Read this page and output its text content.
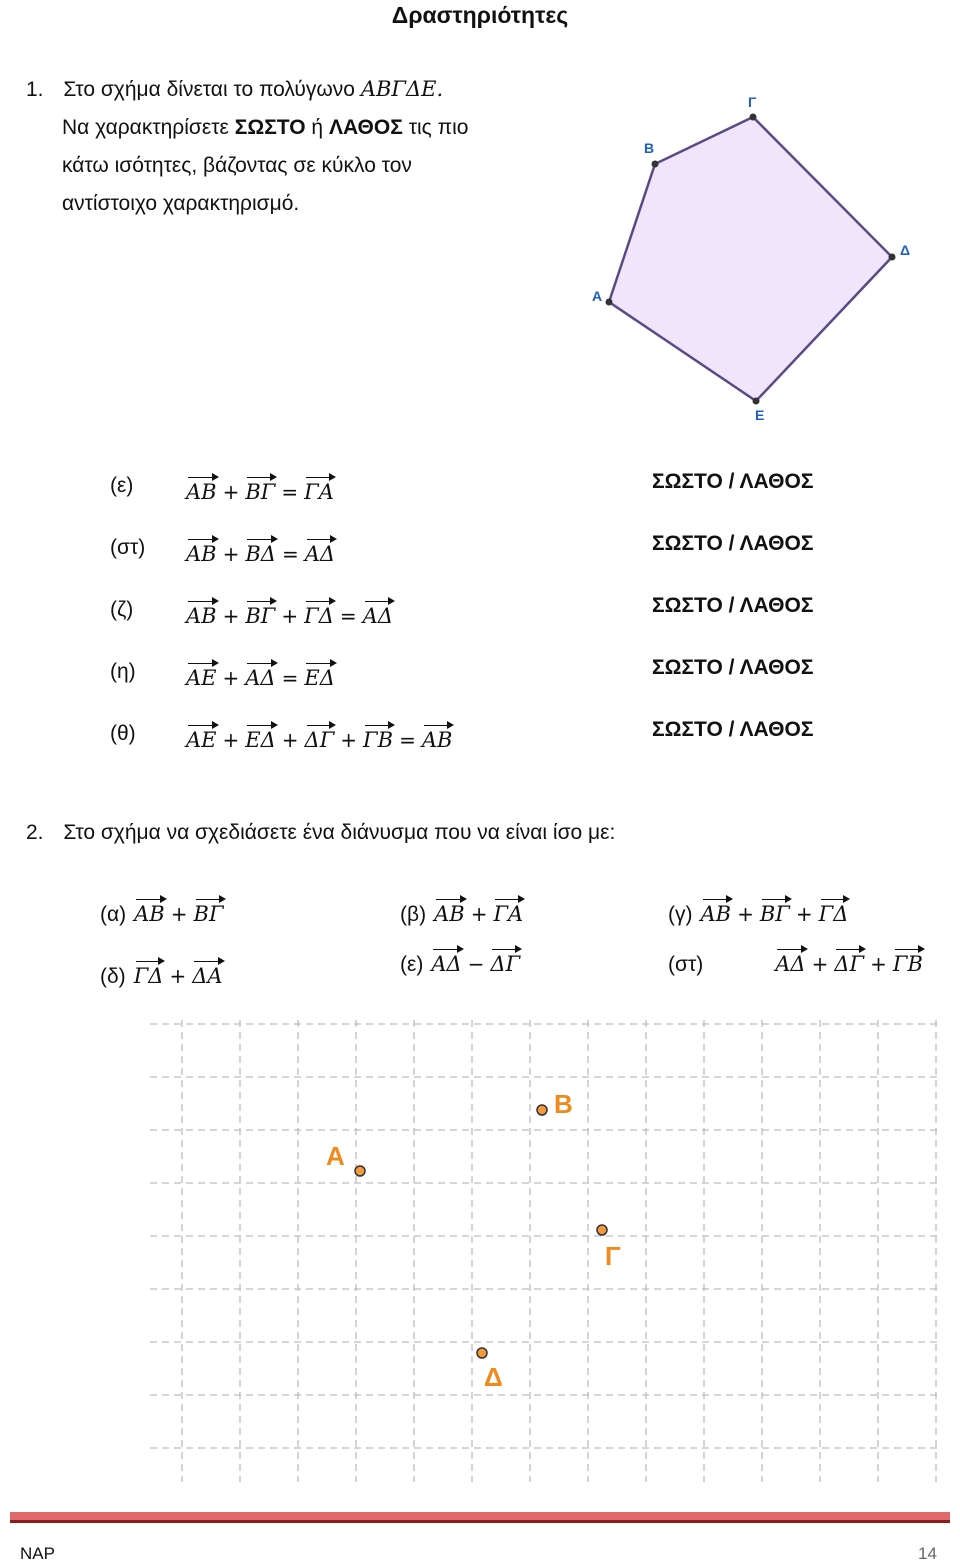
Δραστηριότητες
1. Στο σχήμα δίνεται το πολύγωνο ΑΒΓΔΕ.
Να χαρακτηρίσετε ΣΩΣΤΟ ή ΛΑΘΟΣ τις πιο
κάτω ισότητες, βάζοντας σε κύκλο τον
αντίστοιχο χαρακτηρισμό.
Α
Β
Γ
Δ
Ε
(ε)	ΑΒ + ΒΓ = ΓΑ	ΣΩΣΤΟ / ΛΑΘΟΣ
(στ) ΑΒ + ΒΔ = ΑΔ	ΣΩΣΤΟ / ΛΑΘΟΣ
(ζ)	ΑΒ + ΒΓ + ΓΔ = ΑΔ	ΣΩΣΤΟ / ΛΑΘΟΣ
(η) ΑΕ + ΑΔ = ΕΔ	ΣΩΣΤΟ / ΛΑΘΟΣ
(θ) ΑΕ + ΕΔ + ΔΓ + ΓΒ = ΑΒ	ΣΩΣΤΟ / ΛΑΘΟΣ
2. Στο σχήμα να σχεδιάσετε ένα διάνυσμα που να είναι ίσο με:
(α) ΑΒ + ΒΓ	(β) ΑΒ + ΓΑ	(γ) ΑΒ + ΒΓ + ΓΔ
(δ) ΓΔ + ΔΑ	(ε) ΑΔ − ΔΓ	(στ)	ΑΔ + ΔΓ + ΓΒ
Α
Β
Γ
Δ
ΝΑΡ	14
